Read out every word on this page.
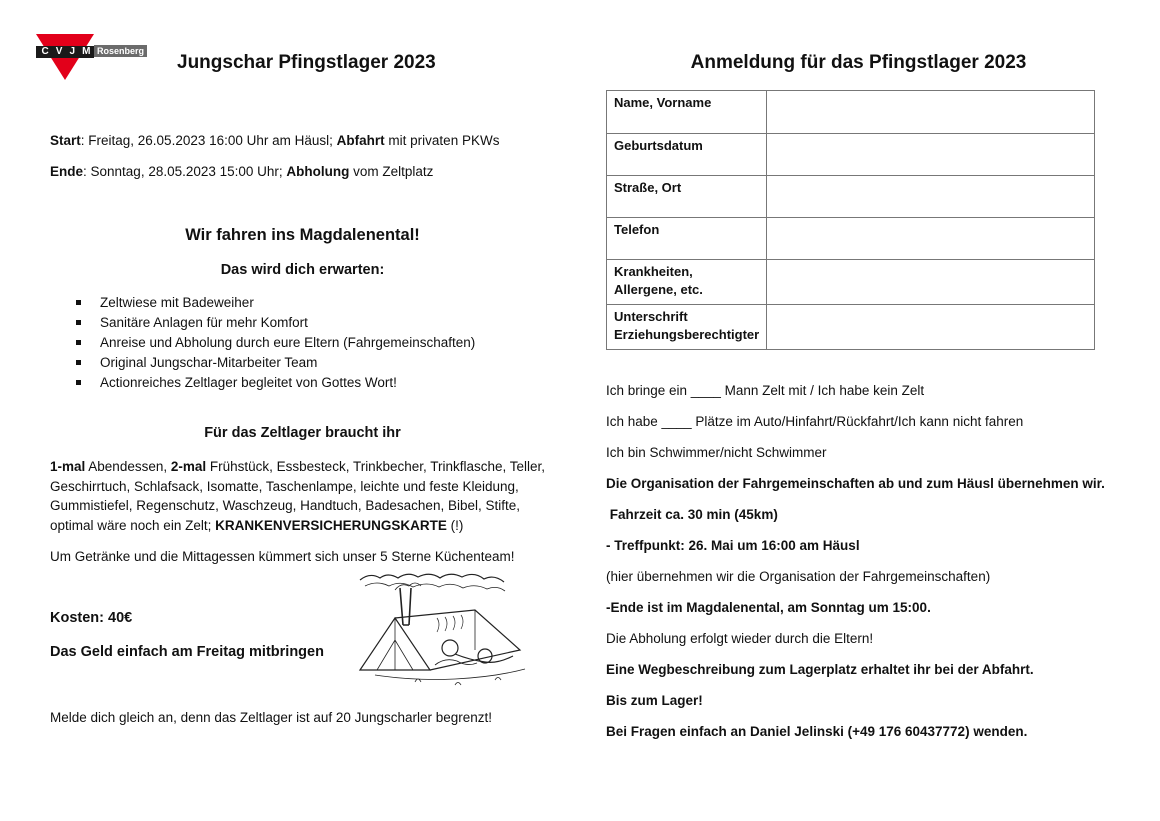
C V J M Rosenberg
Jungschar Pfingstlager 2023
Start: Freitag, 26.05.2023 16:00 Uhr am Häusl; Abfahrt mit privaten PKWs
Ende: Sonntag, 28.05.2023 15:00 Uhr; Abholung vom Zeltplatz
Wir fahren ins Magdalenental!
Das wird dich erwarten:
Zeltwiese mit Badeweiher
Sanitäre Anlagen für mehr Komfort
Anreise und Abholung durch eure Eltern (Fahrgemeinschaften)
Original Jungschar-Mitarbeiter Team
Actionreiches Zeltlager begleitet von Gottes Wort!
Für das Zeltlager braucht ihr
1-mal Abendessen, 2-mal Frühstück, Essbesteck, Trinkbecher, Trinkflasche, Teller,
Geschirrtuch, Schlafsack, Isomatte, Taschenlampe, leichte und feste Kleidung,
Gummistiefel, Regenschutz, Waschzeug, Handtuch, Badesachen, Bibel, Stifte,
optimal wäre noch ein Zelt; KRANKENVERSICHERUNGSKARTE (!)
Um Getränke und die Mittagessen kümmert sich unser 5 Sterne Küchenteam!
Kosten: 40€
Das Geld einfach am Freitag mitbringen
Melde dich gleich an, denn das Zeltlager ist auf 20 Jungscharler begrenzt!
Anmeldung für das Pfingstlager 2023
Name, Vorname	

Geburtsdatum	

Straße, Ort	

Telefon	

Krankheiten,
Allergene, etc.	

Unterschrift
Erziehungsberechtigter	

Ich bringe ein ____ Mann Zelt mit / Ich habe kein Zelt
Ich habe ____ Plätze im Auto/Hinfahrt/Rückfahrt/Ich kann nicht fahren
Ich bin Schwimmer/nicht Schwimmer
Die Organisation der Fahrgemeinschaften ab und zum Häusl übernehmen wir.
Fahrzeit ca. 30 min (45km)
- Treffpunkt: 26. Mai um 16:00 am Häusl
(hier übernehmen wir die Organisation der Fahrgemeinschaften)
-Ende ist im Magdalenental, am Sonntag um 15:00.
Die Abholung erfolgt wieder durch die Eltern!
Eine Wegbeschreibung zum Lagerplatz erhaltet ihr bei der Abfahrt.
Bis zum Lager!
Bei Fragen einfach an Daniel Jelinski (+49 176 60437772) wenden.
